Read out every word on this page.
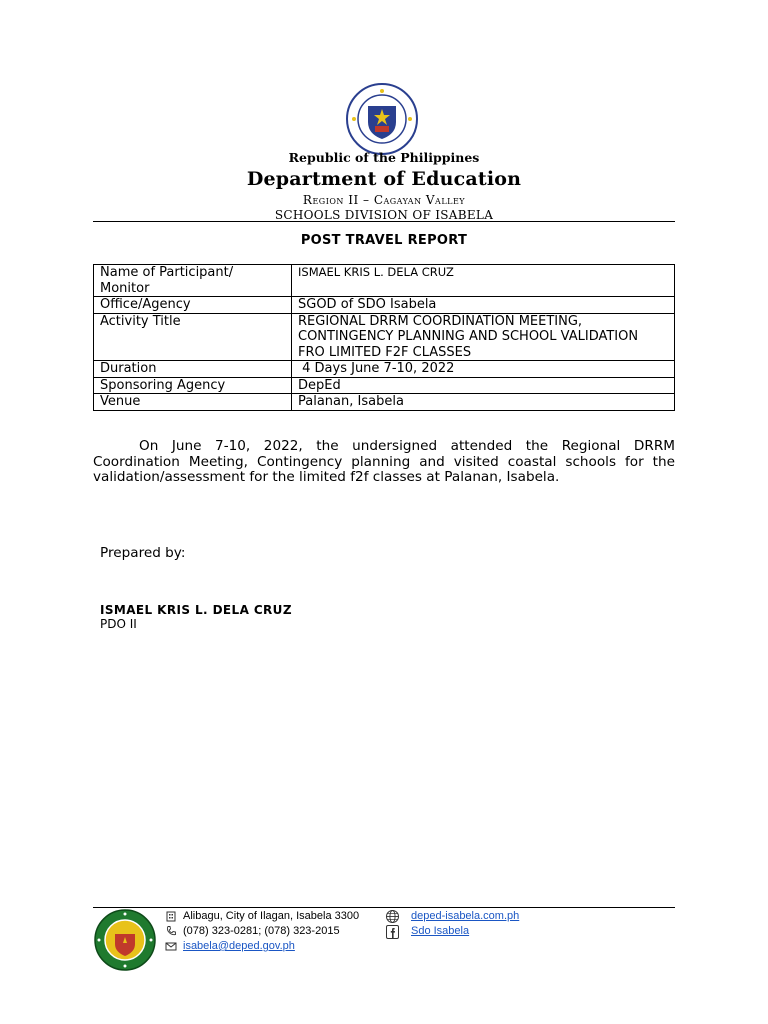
Republic of the Philippines
Department of Education
Region II – Cagayan Valley
SCHOOLS DIVISION OF ISABELA
POST TRAVEL REPORT
Name of Participant/ Monitor	ISMAEL KRIS L. DELA CRUZ
Office/Agency	SGOD of SDO Isabela
Activity Title	REGIONAL DRRM COORDINATION MEETING, CONTINGENCY PLANNING AND SCHOOL VALIDATION FRO LIMITED F2F CLASSES
Duration	4 Days June 7-10, 2022
Sponsoring Agency	DepEd
Venue	Palanan, Isabela
On June 7-10, 2022, the undersigned attended the Regional DRRM Coordination Meeting, Contingency planning and visited coastal schools for the validation/assessment for the limited f2f classes at Palanan, Isabela.
Prepared by:
ISMAEL KRIS L. DELA CRUZ
PDO II
Alibagu, City of Ilagan, Isabela 3300
(078) 323-0281; (078) 323-2015
isabela@deped.gov.ph
deped-isabela.com.ph
Sdo Isabela
